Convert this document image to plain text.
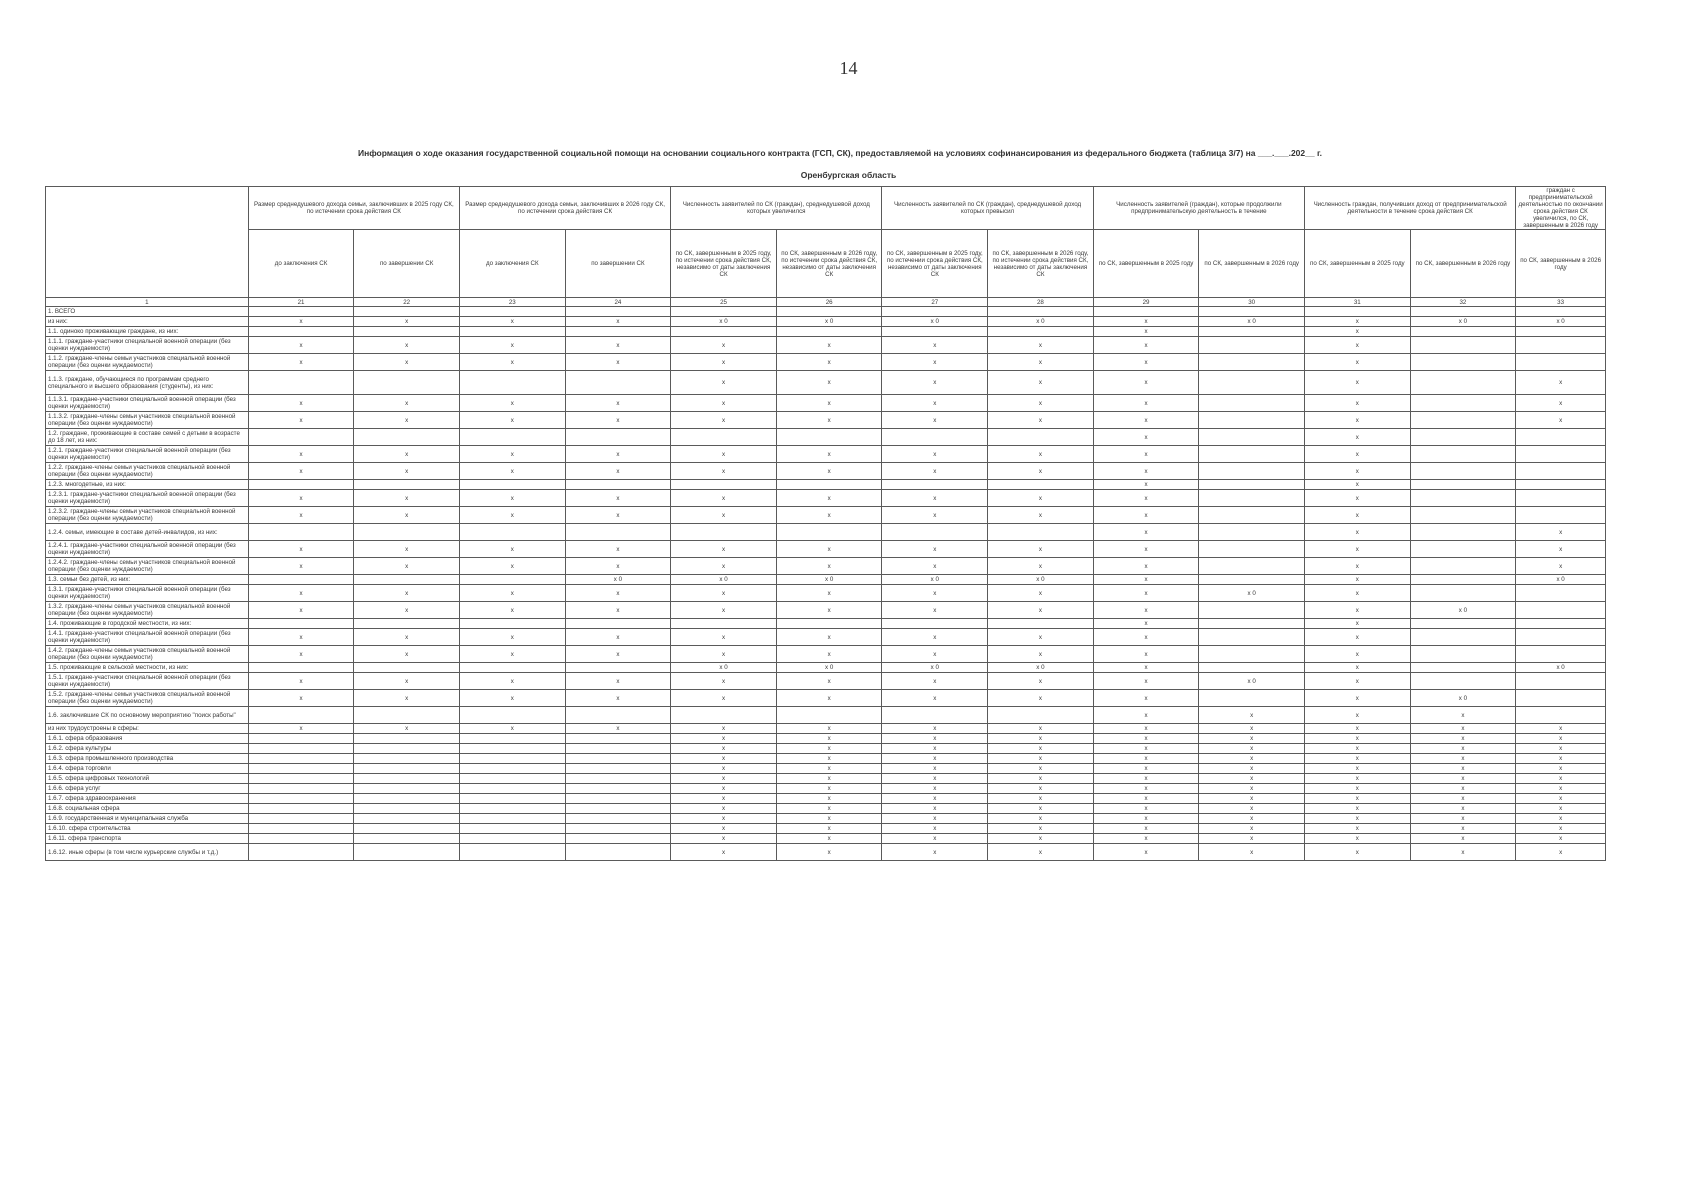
14
Информация о ходе оказания государственной социальной помощи на основании социального контракта (ГСП, СК), предоставляемой на условиях софинансирования из федерального бюджета (таблица 3/7) на ___.___.202__ г.
Оренбургская область
	Размер среднедушевого дохода семьи, заключивших в 2025 году СК, по истечении срока действия СК		Размер среднедушевого дохода семьи, заключивших в 2026 году СК, по истечении срока действия СК		Численность заявителей по СК (граждан), среднедушевой доход которых увеличился		Численность заявителей по СК (граждан), среднедушевой доход которых превысил		Численность заявителей (граждан), которые продолжили предпринимательскую деятельность в течение		Численность граждан, получивших доход от предпринимательской деятельности в течение срока действия СК		граждан с предпринимательской деятельностью по окончании срока действия СК увеличился, по СК, завершенным в 2026 году
	до заключения СК	по завершении СК	до заключения СК	по завершении СК	по СК, завершенным в 2025 году, по истечении срока действия СК, независимо от даты заключения СК	по СК, завершенным в 2026 году, по истечении срока действия СК, независимо от даты заключения СК	по СК, завершенным в 2025 году, по истечении срока действия СК, независимо от даты заключения СК	по СК, завершенным в 2026 году, по истечении срока действия СК, независимо от даты заключения СК	по СК, завершенным в 2025 году	по СК, завершенным в 2026 году	по СК, завершенным в 2025 году	по СК, завершенным в 2026 году	по СК, завершенным в 2026 году
1	21	22	23	24	25	26	27	28	29	30	31	32	33
1. ВСЕГО													
из них:	x	x	x	x	x 0	x 0	x 0	x 0	x	x 0	x	x 0	x 0
1.1. одиноко проживающие граждане, из них:									x		x		
1.1.1. граждане-участники специальной военной операции (без оценки нуждаемости)	x	x	x	x	x	x	x	x	x		x		
1.1.2. граждане-члены семьи участников специальной военной операции (без оценки нуждаемости)	x	x	x	x	x	x	x	x	x		x		
1.1.3. граждане, обучающиеся по программам среднего специального и высшего образования (студенты), из них:					x	x	x	x	x		x		x
1.1.3.1. граждане-участники специальной военной операции (без оценки нуждаемости)	x	x	x	x	x	x	x	x	x		x		x
1.1.3.2. граждане-члены семьи участников специальной военной операции (без оценки нуждаемости)	x	x	x	x	x	x	x	x	x		x		x
1.2. граждане, проживающие в составе семей с детьми в возрасте до 18 лет, из них:									x		x		
1.2.1. граждане-участники специальной военной операции (без оценки нуждаемости)	x	x	x	x	x	x	x	x	x		x		
1.2.2. граждане-члены семьи участников специальной военной операции (без оценки нуждаемости)	x	x	x	x	x	x	x	x	x		x		
1.2.3. многодетные, из них:									x		x		
1.2.3.1. граждане-участники специальной военной операции (без оценки нуждаемости)	x	x	x	x	x	x	x	x	x		x		
1.2.3.2. граждане-члены семьи участников специальной военной операции (без оценки нуждаемости)	x	x	x	x	x	x	x	x	x		x		
1.2.4. семьи, имеющие в составе детей-инвалидов, из них:									x		x		x
1.2.4.1. граждане-участники специальной военной операции (без оценки нуждаемости)	x	x	x	x	x	x	x	x	x		x		x
1.2.4.2. граждане-члены семьи участников специальной военной операции (без оценки нуждаемости)	x	x	x	x	x	x	x	x	x		x		x
1.3. семьи без детей, из них:				x 0	x 0	x 0	x 0	x 0	x		x		x 0
1.3.1. граждане-участники специальной военной операции (без оценки нуждаемости)	x	x	x	x	x	x	x	x	x	x 0	x		
1.3.2. граждане-члены семьи участников специальной военной операции (без оценки нуждаемости)	x	x	x	x	x	x	x	x	x		x	x 0	
1.4. проживающие в городской местности, из них:									x		x		
1.4.1. граждане-участники специальной военной операции (без оценки нуждаемости)	x	x	x	x	x	x	x	x	x		x		
1.4.2. граждане-члены семьи участников специальной военной операции (без оценки нуждаемости)	x	x	x	x	x	x	x	x	x		x		
1.5. проживающие в сельской местности, из них:					x 0	x 0	x 0	x 0	x		x		x 0
1.5.1. граждане-участники специальной военной операции (без оценки нуждаемости)	x	x	x	x	x	x	x	x	x	x 0	x		
1.5.2. граждане-члены семьи участников специальной военной операции (без оценки нуждаемости)	x	x	x	x	x	x	x	x	x		x	x 0	
1.6. заключившие СК по основному мероприятию "поиск работы"									x	x	x	x	
из них трудоустроены в сферы:	x	x	x	x	x	x	x	x	x	x	x	x	x
1.6.1. сфера образования					x	x	x	x	x	x	x	x	x
1.6.2. сфера культуры					x	x	x	x	x	x	x	x	x
1.6.3. сфера промышленного производства					x	x	x	x	x	x	x	x	x
1.6.4. сфера торговли					x	x	x	x	x	x	x	x	x
1.6.5. сфера цифровых технологий					x	x	x	x	x	x	x	x	x
1.6.6. сфера услуг					x	x	x	x	x	x	x	x	x
1.6.7. сфера здравоохранения					x	x	x	x	x	x	x	x	x
1.6.8. социальная сфера					x	x	x	x	x	x	x	x	x
1.6.9. государственная и муниципальная служба					x	x	x	x	x	x	x	x	x
1.6.10. сфера строительства					x	x	x	x	x	x	x	x	x
1.6.11. сфера транспорта					x	x	x	x	x	x	x	x	x
1.6.12. иные сферы (в том числе курьерские службы и т.д.)					x	x	x	x	x	x	x	x	x
